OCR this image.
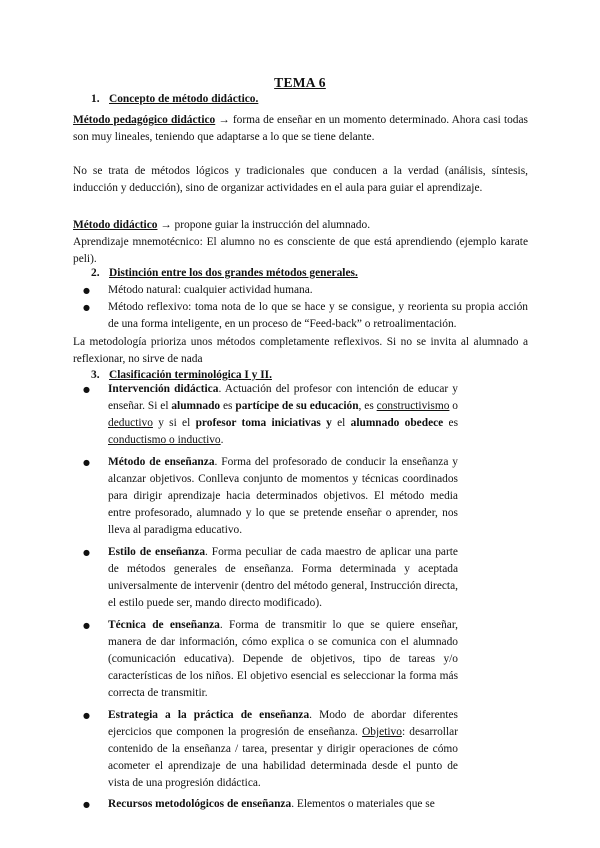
TEMA 6
1. Concepto de método didáctico.
Método pedagógico didáctico → forma de enseñar en un momento determinado. Ahora casi todas son muy lineales, teniendo que adaptarse a lo que se tiene delante.
No se trata de métodos lógicos y tradicionales que conducen a la verdad (análisis, síntesis, inducción y deducción), sino de organizar actividades en el aula para guiar el aprendizaje.
Método didáctico → propone guiar la instrucción del alumnado.
Aprendizaje mnemotécnico: El alumno no es consciente de que está aprendiendo (ejemplo karate peli).
2. Distinción entre los dos grandes métodos generales.
● Método natural: cualquier actividad humana.
● Método reflexivo: toma nota de lo que se hace y se consigue, y reorienta su propia acción de una forma inteligente, en un proceso de “Feed-back” o retroalimentación.
La metodología prioriza unos métodos completamente reflexivos. Si no se invita al alumnado a reflexionar, no sirve de nada
3. Clasificación terminológica I y II.
● Intervención didáctica. Actuación del profesor con intención de educar y enseñar. Si el alumnado es partícipe de su educación, es constructivismo o deductivo y si el profesor toma iniciativas y el alumnado obedece es conductismo o inductivo.
● Método de enseñanza. Forma del profesorado de conducir la enseñanza y alcanzar objetivos. Conlleva conjunto de momentos y técnicas coordinados para dirigir aprendizaje hacia determinados objetivos. El método media entre profesorado, alumnado y lo que se pretende enseñar o aprender, nos lleva al paradigma educativo.
● Estilo de enseñanza. Forma peculiar de cada maestro de aplicar una parte de métodos generales de enseñanza. Forma determinada y aceptada universalmente de intervenir (dentro del método general, Instrucción directa, el estilo puede ser, mando directo modificado).
● Técnica de enseñanza. Forma de transmitir lo que se quiere enseñar, manera de dar información, cómo explica o se comunica con el alumnado (comunicación educativa). Depende de objetivos, tipo de tareas y/o características de los niños. El objetivo esencial es seleccionar la forma más correcta de transmitir.
● Estrategia a la práctica de enseñanza. Modo de abordar diferentes ejercicios que componen la progresión de enseñanza. Objetivo: desarrollar contenido de la enseñanza / tarea, presentar y dirigir operaciones de cómo acometer el aprendizaje de una habilidad determinada desde el punto de vista de una progresión didáctica.
● Recursos metodológicos de enseñanza. Elementos o materiales que se
